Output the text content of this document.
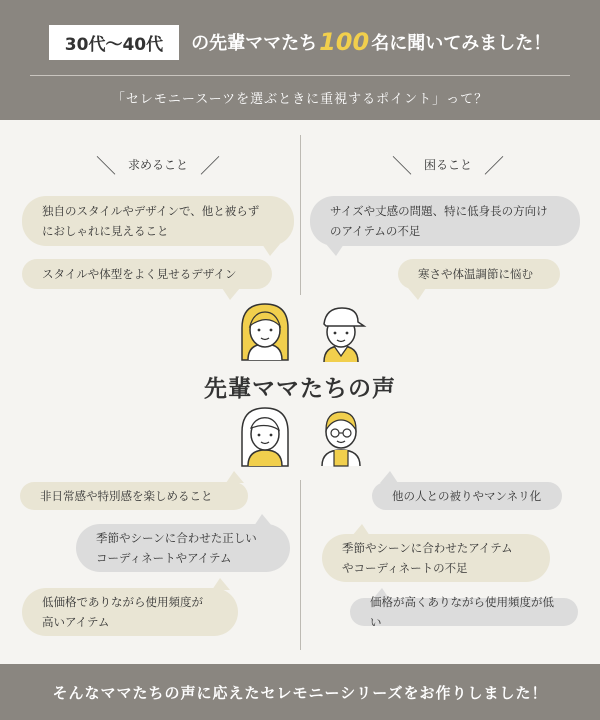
30代～40代	の先輩ママたち 100 名に聞いてみました！
「セレモニースーツを選ぶときに重視するポイント」って？
＼ 求めること ／	＼ 困ること ／
独自のスタイルやデザインで、他と被らず
におしゃれに見えること
スタイルや体型をよく見せるデザイン
サイズや丈感の問題、特に低身長の方向け
のアイテムの不足
寒さや体温調節に悩む
先輩ママたちの声
非日常感や特別感を楽しめること
季節やシーンに合わせた正しい
コーディネートやアイテム
低価格でありながら使用頻度が
高いアイテム
他の人との被りやマンネリ化
季節やシーンに合わせたアイテム
やコーディネートの不足
価格が高くありながら使用頻度が低い
そんなママたちの声に応えたセレモニーシリーズをお作りしました！
